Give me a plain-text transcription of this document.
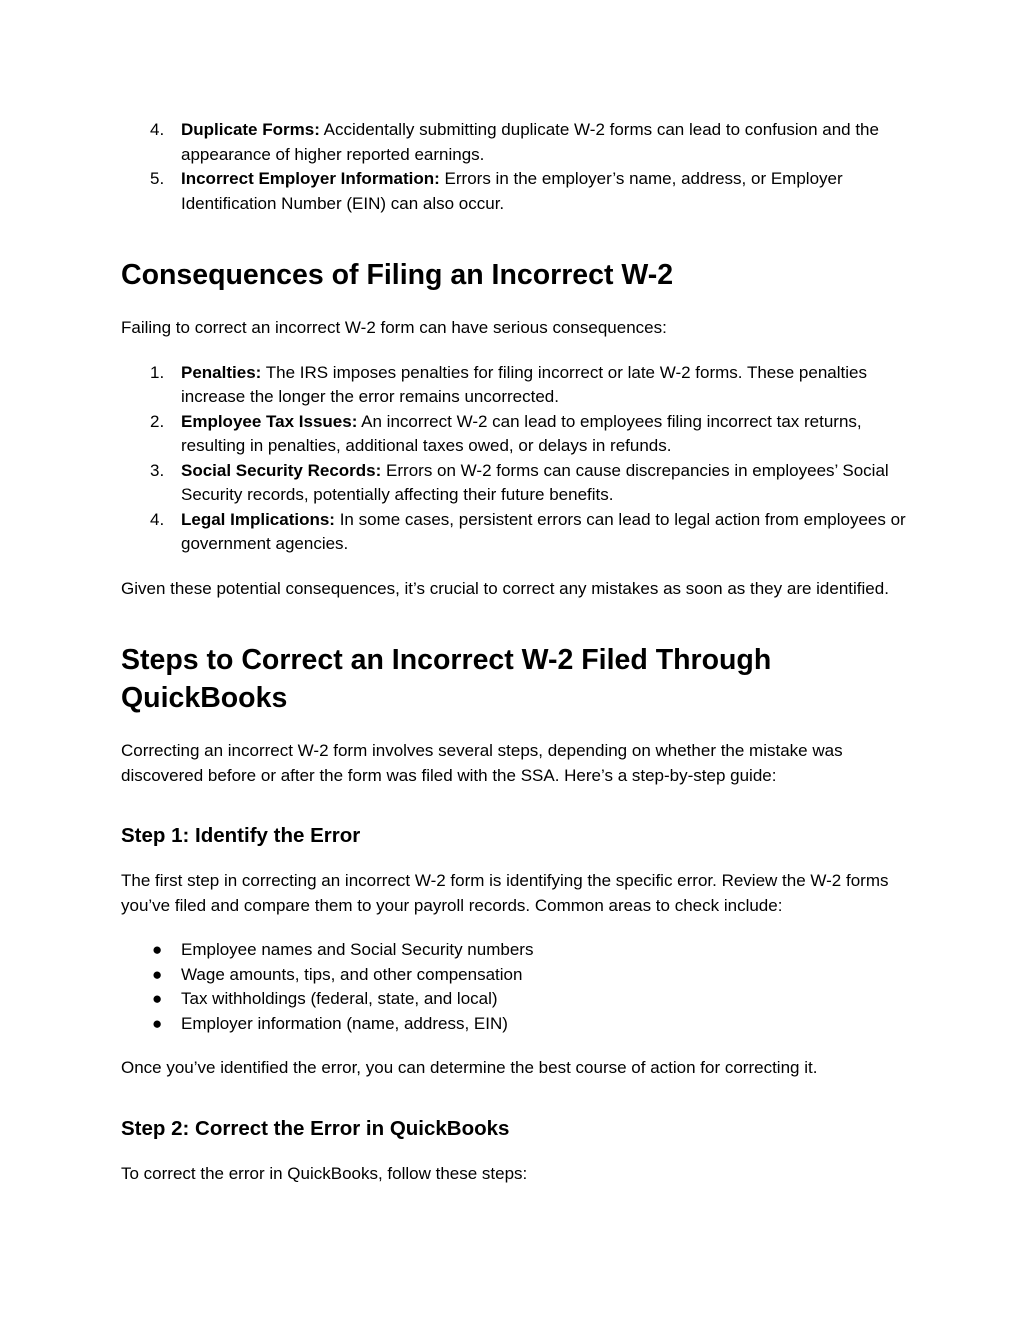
4. Duplicate Forms: Accidentally submitting duplicate W-2 forms can lead to confusion and the appearance of higher reported earnings.
5. Incorrect Employer Information: Errors in the employer’s name, address, or Employer Identification Number (EIN) can also occur.
Consequences of Filing an Incorrect W-2

Failing to correct an incorrect W-2 form can have serious consequences:

1. Penalties: The IRS imposes penalties for filing incorrect or late W-2 forms. These penalties increase the longer the error remains uncorrected.
2. Employee Tax Issues: An incorrect W-2 can lead to employees filing incorrect tax returns, resulting in penalties, additional taxes owed, or delays in refunds.
3. Social Security Records: Errors on W-2 forms can cause discrepancies in employees’ Social Security records, potentially affecting their future benefits.
4. Legal Implications: In some cases, persistent errors can lead to legal action from employees or government agencies.

Given these potential consequences, it’s crucial to correct any mistakes as soon as they are identified.

Steps to Correct an Incorrect W-2 Filed Through QuickBooks

Correcting an incorrect W-2 form involves several steps, depending on whether the mistake was discovered before or after the form was filed with the SSA. Here’s a step-by-step guide:

Step 1: Identify the Error

The first step in correcting an incorrect W-2 form is identifying the specific error. Review the W-2 forms you’ve filed and compare them to your payroll records. Common areas to check include:

● Employee names and Social Security numbers
● Wage amounts, tips, and other compensation
● Tax withholdings (federal, state, and local)
● Employer information (name, address, EIN)

Once you’ve identified the error, you can determine the best course of action for correcting it.

Step 2: Correct the Error in QuickBooks

To correct the error in QuickBooks, follow these steps:
